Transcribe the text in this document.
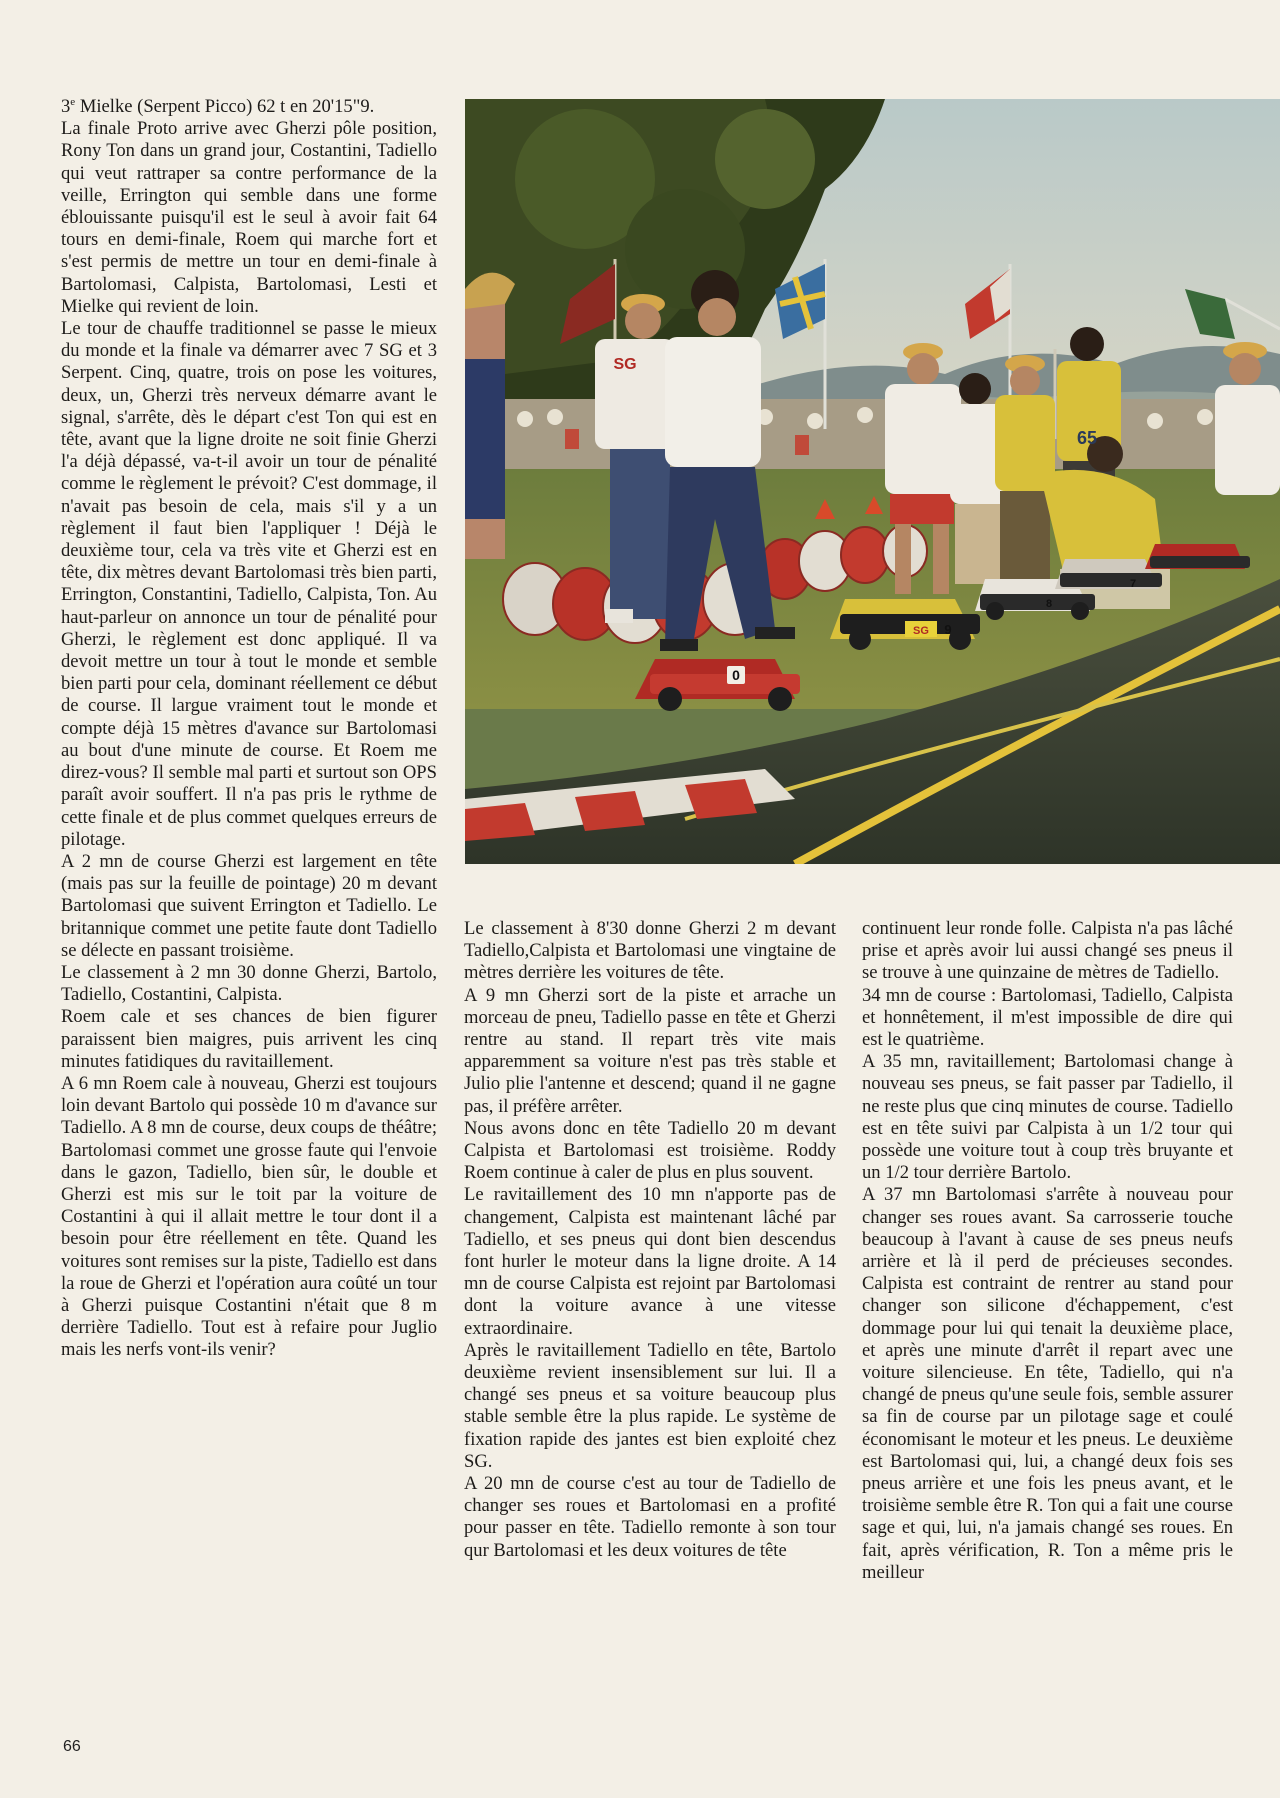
3e Mielke (Serpent Picco) 62 t en 20'15"9.

La finale Proto arrive avec Gherzi pôle position, Rony Ton dans un grand jour, Costantini, Tadiello qui veut rattraper sa contre performance de la veille, Errington qui semble dans une forme éblouissante puisqu'il est le seul à avoir fait 64 tours en demi-finale, Roem qui marche fort et s'est permis de mettre un tour en demi-finale à Bartolomasi, Calpista, Bartolomasi, Lesti et Mielke qui revient de loin.

Le tour de chauffe traditionnel se passe le mieux du monde et la finale va démarrer avec 7 SG et 3 Serpent. Cinq, quatre, trois on pose les voitures, deux, un, Gherzi très nerveux démarre avant le signal, s'arrête, dès le départ c'est Ton qui est en tête, avant que la ligne droite ne soit finie Gherzi l'a déjà dépassé, va-t-il avoir un tour de pénalité comme le règlement le prévoit? C'est dommage, il n'avait pas besoin de cela, mais s'il y a un règlement il faut bien l'appliquer ! Déjà le deuxième tour, cela va très vite et Gherzi est en tête, dix mètres devant Bartolomasi très bien parti, Errington, Constantini, Tadiello, Calpista, Ton. Au haut-parleur on annonce un tour de pénalité pour Gherzi, le règlement est donc appliqué. Il va devoit mettre un tour à tout le monde et semble bien parti pour cela, dominant réellement ce début de course. Il largue vraiment tout le monde et compte déjà 15 mètres d'avance sur Bartolomasi au bout d'une minute de course. Et Roem me direz-vous? Il semble mal parti et surtout son OPS paraît avoir souffert. Il n'a pas pris le rythme de cette finale et de plus commet quelques erreurs de pilotage.

A 2 mn de course Gherzi est largement en tête (mais pas sur la feuille de pointage) 20 m devant Bartolomasi que suivent Errington et Tadiello. Le britannique commet une petite faute dont Tadiello se délecte en passant troisième.

Le classement à 2 mn 30 donne Gherzi, Bartolo, Tadiello, Costantini, Calpista.

Roem cale et ses chances de bien figurer paraissent bien maigres, puis arrivent les cinq minutes fatidiques du ravitaillement.

A 6 mn Roem cale à nouveau, Gherzi est toujours loin devant Bartolo qui possède 10 m d'avance sur Tadiello. A 8 mn de course, deux coups de théâtre; Bartolomasi commet une grosse faute qui l'envoie dans le gazon, Tadiello, bien sûr, le double et Gherzi est mis sur le toit par la voiture de Costantini à qui il allait mettre le tour dont il a besoin pour être réellement en tête. Quand les voitures sont remises sur la piste, Tadiello est dans la roue de Gherzi et l'opération aura coûté un tour à Gherzi puisque Costantini n'était que 8 m derrière Tadiello. Tout est à refaire pour Juglio mais les nerfs vont-ils venir?

0
SG 9
8
7
65
SG

Le classement à 8'30 donne Gherzi 2 m devant Tadiello,Calpista et Bartolomasi une vingtaine de mètres derrière les voitures de tête.

A 9 mn Gherzi sort de la piste et arrache un morceau de pneu, Tadiello passe en tête et Gherzi rentre au stand. Il repart très vite mais apparemment sa voiture n'est pas très stable et Julio plie l'antenne et descend; quand il ne gagne pas, il préfère arrêter.

Nous avons donc en tête Tadiello 20 m devant Calpista et Bartolomasi est troisième. Roddy Roem continue à caler de plus en plus souvent.

Le ravitaillement des 10 mn n'apporte pas de changement, Calpista est maintenant lâché par Tadiello, et ses pneus qui dont bien descendus font hurler le moteur dans la ligne droite. A 14 mn de course Calpista est rejoint par Bartolomasi dont la voiture avance à une vitesse extraordinaire.

Après le ravitaillement Tadiello en tête, Bartolo deuxième revient insensiblement sur lui. Il a changé ses pneus et sa voiture beaucoup plus stable semble être la plus rapide. Le système de fixation rapide des jantes est bien exploité chez SG.

A 20 mn de course c'est au tour de Tadiello de changer ses roues et Bartolomasi en a profité pour passer en tête. Tadiello remonte à son tour qur Bartolomasi et les deux voitures de tête

continuent leur ronde folle. Calpista n'a pas lâché prise et après avoir lui aussi changé ses pneus il se trouve à une quinzaine de mètres de Tadiello.

34 mn de course : Bartolomasi, Tadiello, Calpista et honnêtement, il m'est impossible de dire qui est le quatrième.

A 35 mn, ravitaillement; Bartolomasi change à nouveau ses pneus, se fait passer par Tadiello, il ne reste plus que cinq minutes de course. Tadiello est en tête suivi par Calpista à un 1/2 tour qui possède une voiture tout à coup très bruyante et un 1/2 tour derrière Bartolo.

A 37 mn Bartolomasi s'arrête à nouveau pour changer ses roues avant. Sa carrosserie touche beaucoup à l'avant à cause de ses pneus neufs arrière et là il perd de précieuses secondes. Calpista est contraint de rentrer au stand pour changer son silicone d'échappement, c'est dommage pour lui qui tenait la deuxième place, et après une minute d'arrêt il repart avec une voiture silencieuse. En tête, Tadiello, qui n'a changé de pneus qu'une seule fois, semble assurer sa fin de course par un pilotage sage et coulé économisant le moteur et les pneus. Le deuxième est Bartolomasi qui, lui, a changé deux fois ses pneus arrière et une fois les pneus avant, et le troisième semble être R. Ton qui a fait une course sage et qui, lui, n'a jamais changé ses roues. En fait, après vérification, R. Ton a même pris le meilleur

66
